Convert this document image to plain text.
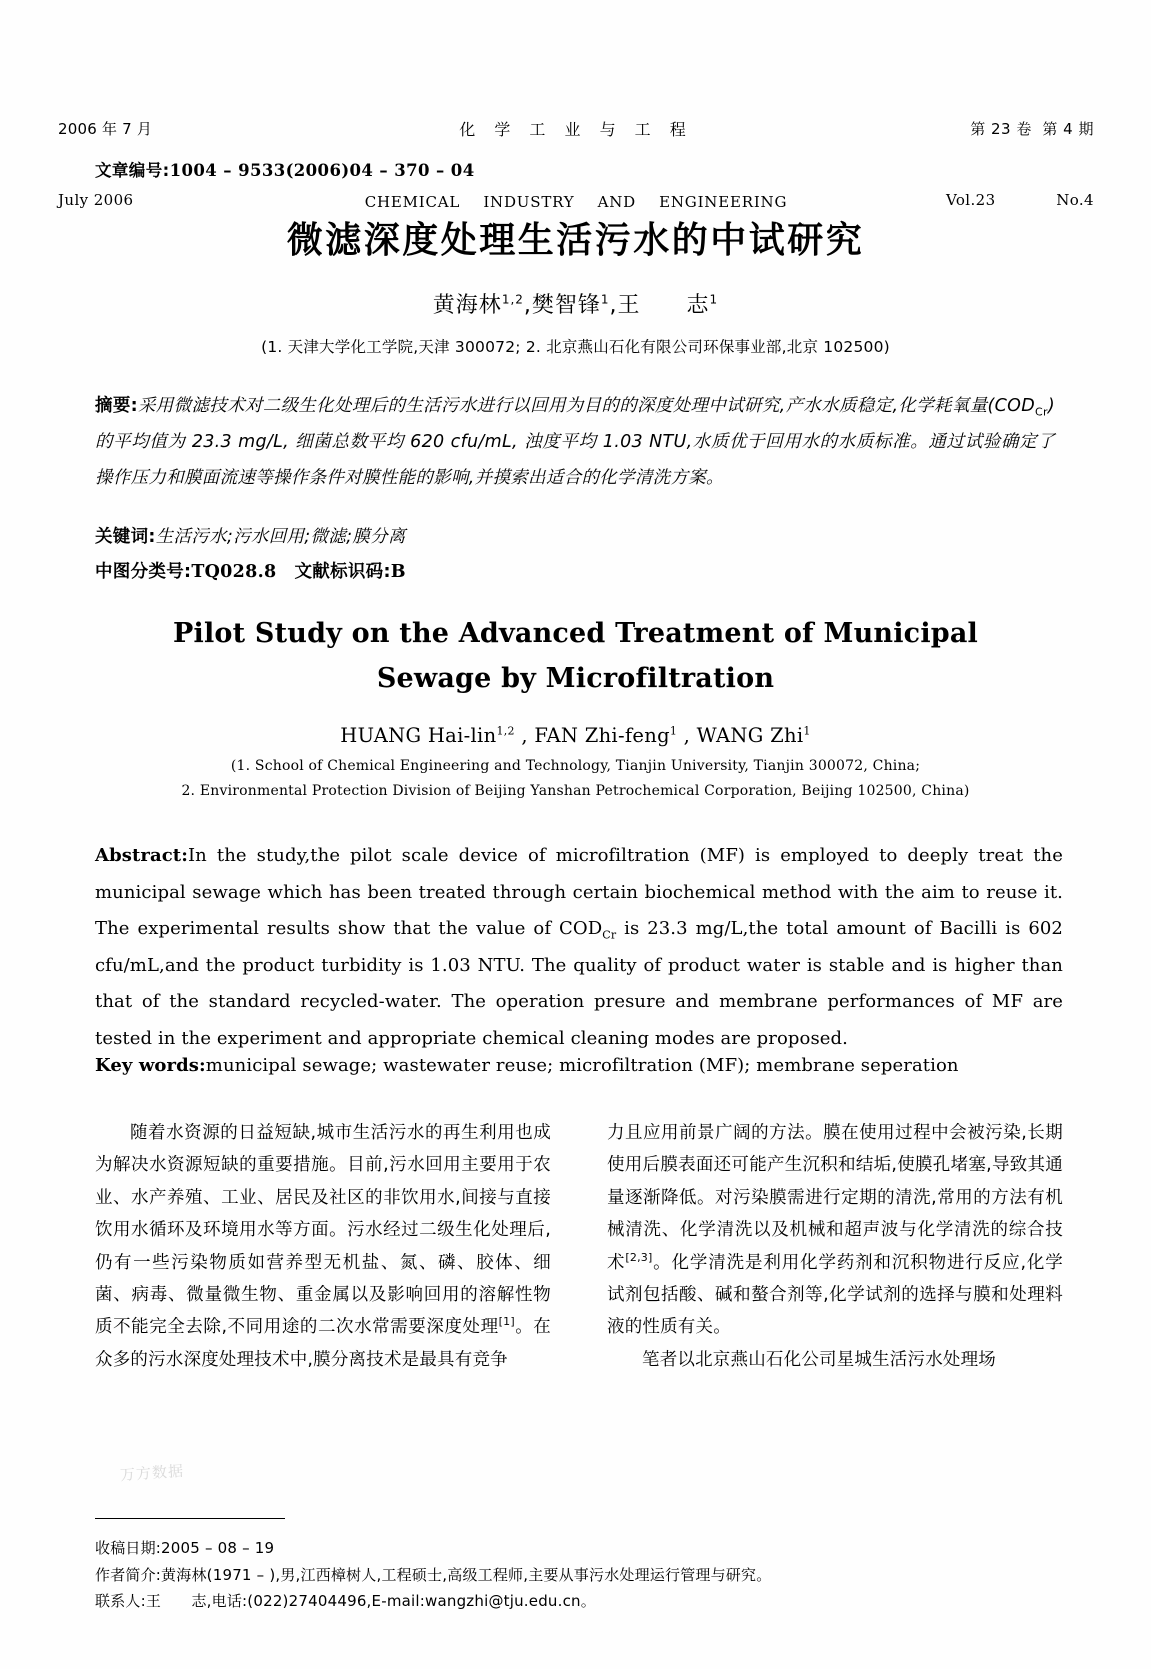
2006 年 7 月

July 2006

化 学 工 业 与 工 程

CHEMICAL  INDUSTRY  AND  ENGINEERING

第 23 卷  第 4 期

Vol.23    No.4

文章编号:1004 – 9533(2006)04 – 370 – 04
微滤深度处理生活污水的中试研究
黄海林$^{1,2}$,樊智锋$^1$,王　　志$^1$
(1. 天津大学化工学院,天津 300072; 2. 北京燕山石化有限公司环保事业部,北京 102500)
摘要:采用微滤技术对二级生化处理后的生活污水进行以回用为目的的深度处理中试研究,产水水质稳定,化学耗氧量$(COD_{Cr})$的平均值为 23.3 mg/L, 细菌总数平均 620 cfu/mL, 浊度平均 1.03 NTU,水质优于回用水的水质标准。通过试验确定了操作压力和膜面流速等操作条件对膜性能的影响,并摸索出适合的化学清洗方案。
关键词:生活污水;污水回用;微滤;膜分离
中图分类号:TQ028.8 文献标识码:B
Pilot Study on the Advanced Treatment of Municipal
Sewage by Microfiltration
HUANG Hai-lin$^{1,2}$ , FAN Zhi-feng$^1$ , WANG Zhi$^1$
(1. School of Chemical Engineering and Technology, Tianjin University, Tianjin 300072, China;
2. Environmental Protection Division of Beijing Yanshan Petrochemical Corporation, Beijing 102500, China)
Abstract:In the study,the pilot scale device of microfiltration (MF) is employed to deeply treat the municipal sewage which has been treated through certain biochemical method with the aim to reuse it. The experimental results show that the value of $COD_{Cr}$ is 23.3 mg/L,the total amount of Bacilli is 602 cfu/mL,and the product turbidity is 1.03 NTU. The quality of product water is stable and is higher than that of the standard recycled-water. The operation presure and membrane performances of MF are tested in the experiment and appropriate chemical cleaning modes are proposed.
Key words:municipal sewage; wastewater reuse; microfiltration (MF); membrane seperation

随着水资源的日益短缺,城市生活污水的再生利用也成为解决水资源短缺的重要措施。目前,污水回用主要用于农业、水产养殖、工业、居民及社区的非饮用水,间接与直接饮用水循环及环境用水等方面。污水经过二级生化处理后,仍有一些污染物质如营养型无机盐、氮、磷、胶体、细菌、病毒、微量微生物、重金属以及影响回用的溶解性物质不能完全去除,不同用途的二次水常需要深度处理[1]。在众多的污水深度处理技术中,膜分离技术是最具有竞争

力且应用前景广阔的方法。膜在使用过程中会被污染,长期使用后膜表面还可能产生沉积和结垢,使膜孔堵塞,导致其通量逐渐降低。对污染膜需进行定期的清洗,常用的方法有机械清洗、化学清洗以及机械和超声波与化学清洗的综合技术[2,3]。化学清洗是利用化学药剂和沉积物进行反应,化学试剂包括酸、碱和螯合剂等,化学试剂的选择与膜和处理料液的性质有关。

笔者以北京燕山石化公司星城生活污水处理场

万方数据
收稿日期:2005 – 08 – 19
作者简介:黄海林(1971 – ),男,江西樟树人,工程硕士,高级工程师,主要从事污水处理运行管理与研究。
联系人:王　　志,电话:(022)27404496,E-mail:wangzhi@tju.edu.cn。
